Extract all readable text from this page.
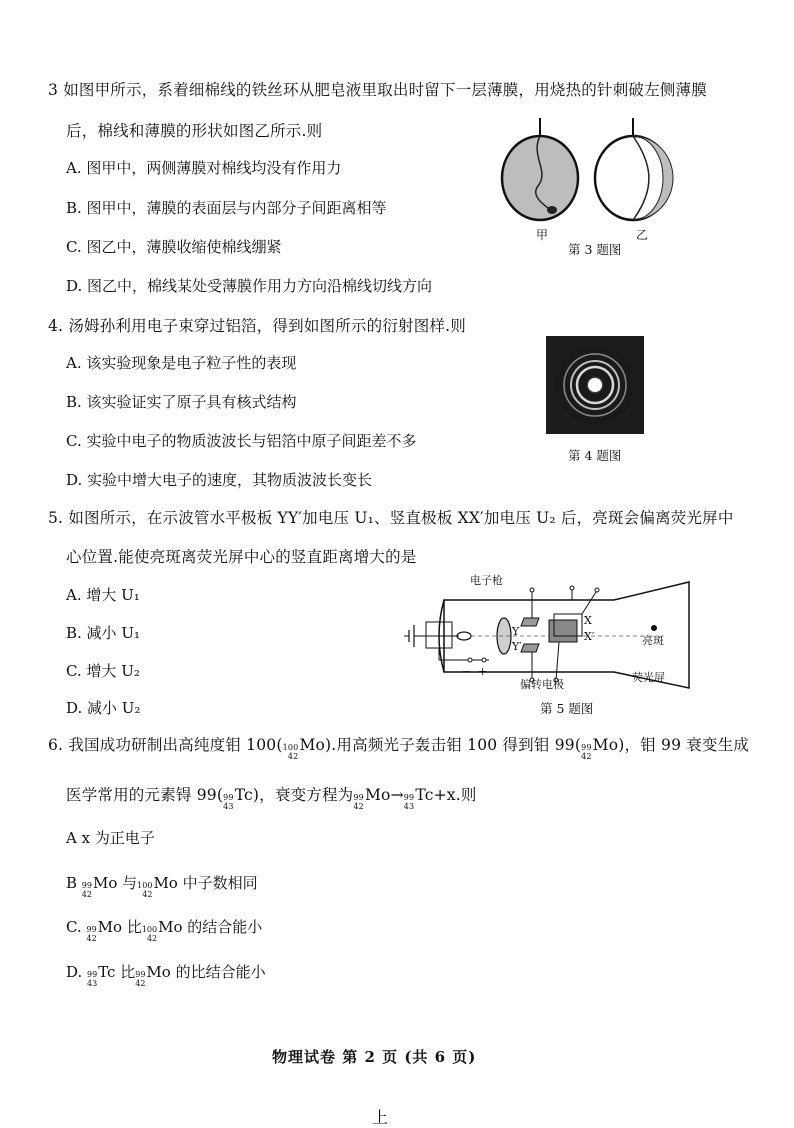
3 如图甲所示，系着细棉线的铁丝环从肥皂液里取出时留下一层薄膜，用烧热的针刺破左侧薄膜
后，棉线和薄膜的形状如图乙所示.则
A. 图甲中，两侧薄膜对棉线均没有作用力
B. 图甲中，薄膜的表面层与内部分子间距离相等
C. 图乙中，薄膜收缩使棉线绷紧
D. 图乙中，棉线某处受薄膜作用力方向沿棉线切线方向
甲	乙
第 3 题图
4. 汤姆孙利用电子束穿过铝箔，得到如图所示的衍射图样.则
A. 该实验现象是电子粒子性的表现
B. 该实验证实了原子具有核式结构
C. 实验中电子的物质波波长与铝箔中原子间距差不多
D. 实验中增大电子的速度，其物质波波长变长
第 4 题图
5. 如图所示，在示波管水平极板 YY′加电压 U₁、竖直极板 XX′加电压 U₂ 后，亮斑会偏离荧光屏中
心位置.能使亮斑离荧光屏中心的竖直距离增大的是
A. 增大 U₁
B. 减小 U₁
C. 增大 U₂
D. 减小 U₂
电子枪
Y
Y′
X
X′	亮斑
− +
偏转电极
荧光屏
第 5 题图
6. 我国成功研制出高纯度钼 100( 100
42
Mo).用高频光子轰击钼 100 得到钼 99( 99
42
Mo)，钼 99 衰变生成
医学常用的元素锝 99( 99
43
Tc)，衰变方程为 99
42
Mo→ 99
43
Tc+x.则
A x 为正电子
B 99
42
Mo 与 100
42
Mo 中子数相同
C. 99
42
Mo 比 100
42
Mo 的结合能小
D. 99
43
Tc 比 99
42
Mo 的比结合能小
物理试卷 第 2 页 (共 6 页)
上
